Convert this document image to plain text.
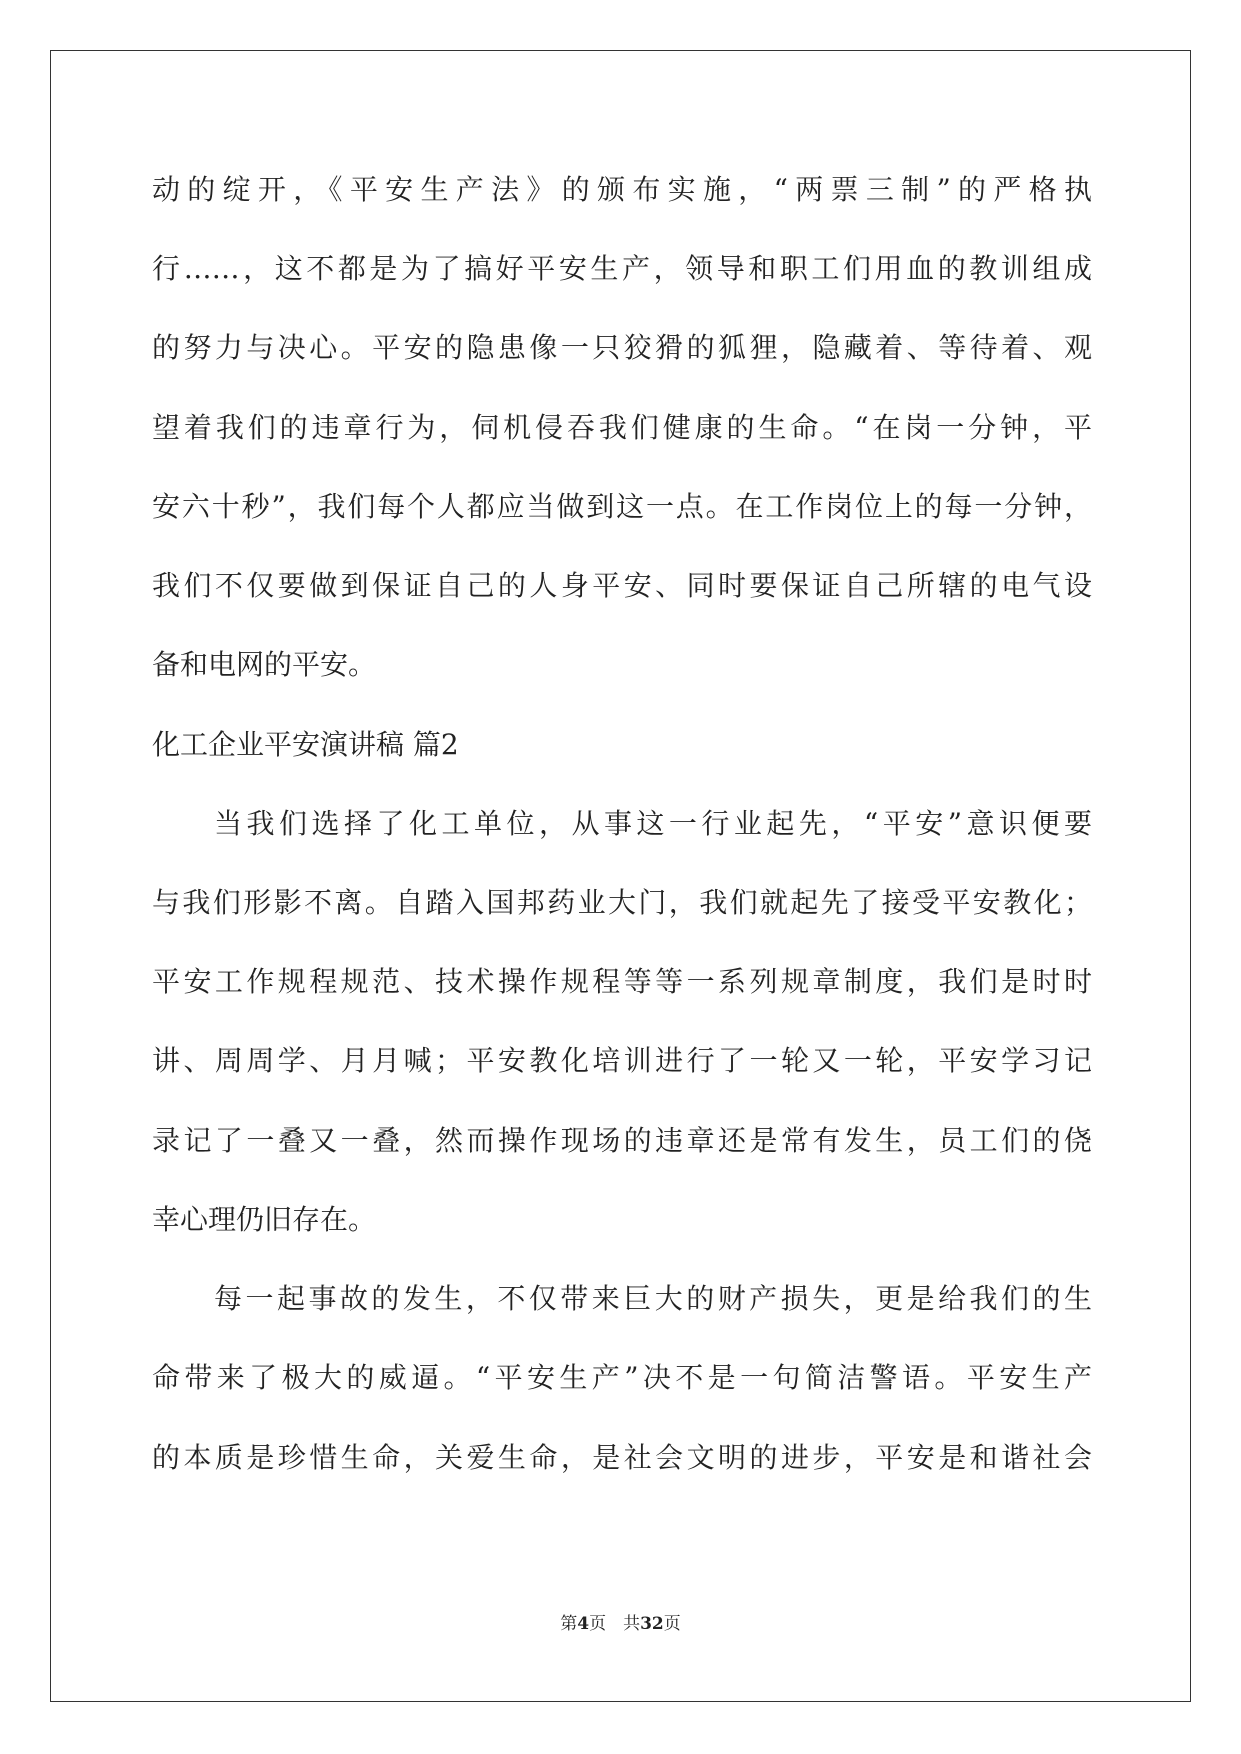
动的绽开，《平安生产法》的颁布实施，“两票三制”的严格执
行……，这不都是为了搞好平安生产，领导和职工们用血的教训组成
的努力与决心。平安的隐患像一只狡猾的狐狸，隐藏着、等待着、观
望着我们的违章行为，伺机侵吞我们健康的生命。“在岗一分钟，平
安六十秒”，我们每个人都应当做到这一点。在工作岗位上的每一分钟，
我们不仅要做到保证自己的人身平安、同时要保证自己所辖的电气设
备和电网的平安。
化工企业平安演讲稿 篇2
当我们选择了化工单位，从事这一行业起先，“平安”意识便要
与我们形影不离。自踏入国邦药业大门，我们就起先了接受平安教化；
平安工作规程规范、技术操作规程等等一系列规章制度，我们是时时
讲、周周学、月月喊；平安教化培训进行了一轮又一轮，平安学习记
录记了一叠又一叠，然而操作现场的违章还是常有发生，员工们的侥
幸心理仍旧存在。
每一起事故的发生，不仅带来巨大的财产损失，更是给我们的生
命带来了极大的威逼。“平安生产”决不是一句简洁警语。平安生产
的本质是珍惜生命，关爱生命，是社会文明的进步，平安是和谐社会
第4页　共32页
